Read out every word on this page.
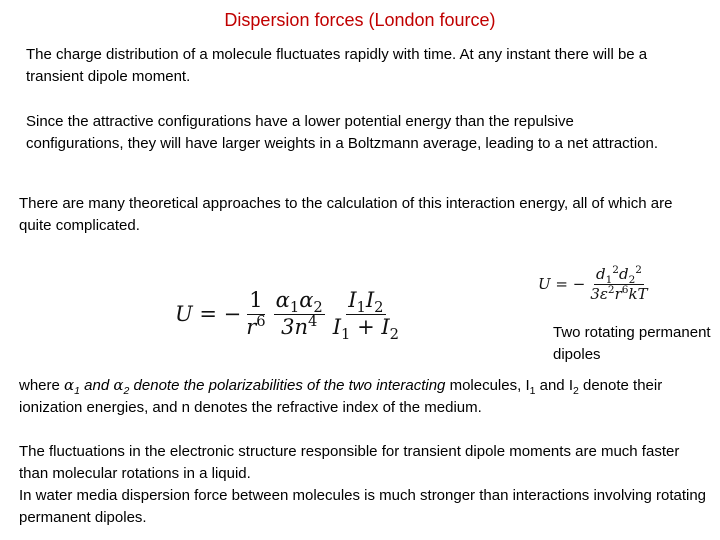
Dispersion forces (London fource)

The charge distribution of a molecule fluctuates rapidly with time. At any instant there will be a transient dipole moment.

Since the attractive configurations have a lower potential energy than the repulsive configurations, they will have larger weights in a Boltzmann average, leading to a net attraction.

There are many theoretical approaches to the calculation of this interaction energy, all of which are quite complicated.

U = − $\frac{1}{r^6} \frac{\alpha_1\alpha_2}{3n^4} \frac{I_1I_2}{I_1 + I_2}$
U = − $\frac{d_1^2d_2^2}{3\varepsilon^2r^6kT}$
Two rotating permanent dipoles

where $\alpha_1$ and $\alpha_2$ denote the polarizabilities of the two interacting molecules, $I_1$ and $I_2$ denote their ionization energies, and n denotes the refractive index of the medium.

The fluctuations in the electronic structure responsible for transient dipole moments are much faster than molecular rotations in a liquid.
In water media dispersion force between molecules is much stronger than interactions involving rotating permanent dipoles.
